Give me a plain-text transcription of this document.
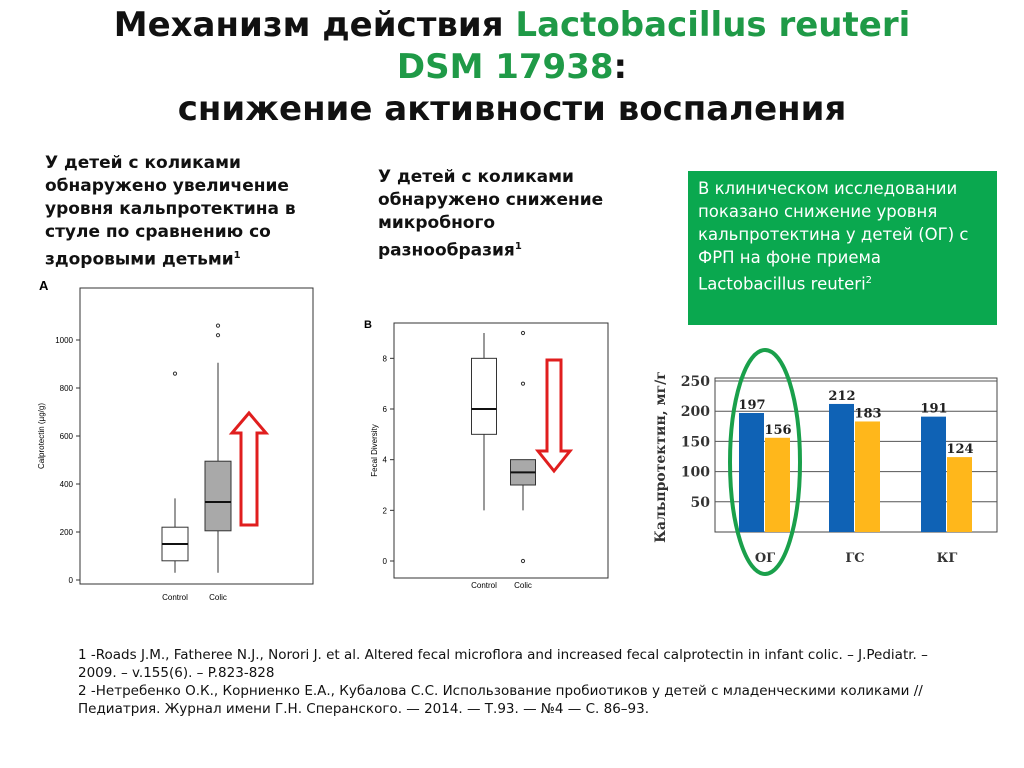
Механизм действия Lactobacillus reuteri
DSM 17938:
снижение активности воспаления
У детей с коликами обнаружено увеличение уровня кальпротектина в стуле по сравнению со здоровыми детьми$^1$
У детей с коликами обнаружено снижение микробного разнообразия$^1$
В клиническом исследовании показано снижение уровня кальпротектина у детей (ОГ) с ФРП на фоне приема Lactobacillus reuteri$^2$
A
0
200
400
600
800
1000
Calprotectin (µg/g)
Control	Colic
B
0
2
4
6
8
Fecal Diversity
Control Colic
50
100
150
200
250
Кальпротектин, мг/г	197
156
ОГ
212
183
ГС
191
124
КГ
1 -Roads J.M., Fatheree N.J., Norori J. et al. Altered fecal microflora and increased fecal calprotectin in infant colic. – J.Pediatr. – 2009. – v.155(6). – P.823-828
2 -Нетребенко О.К., Корниенко Е.А., Кубалова С.С. Использование пробиотиков у детей с младенческими коликами // Педиатрия. Журнал имени Г.Н. Сперанского. — 2014. — Т.93. — №4 — С. 86–93.
